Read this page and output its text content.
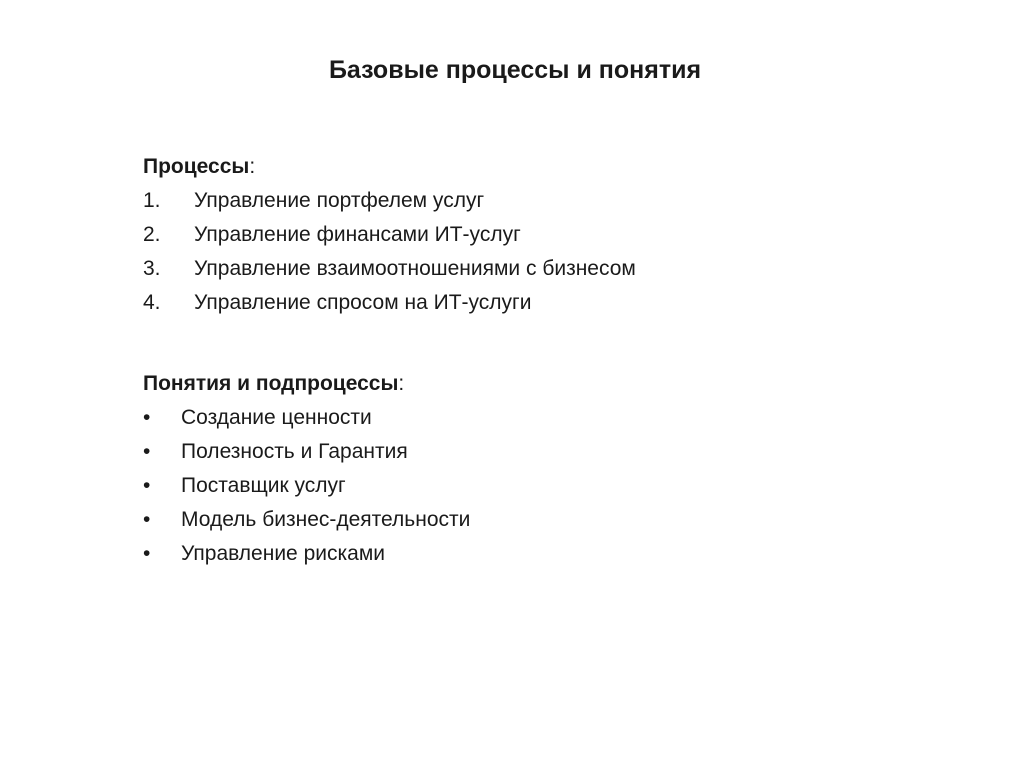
Базовые процессы и понятия
Процессы:
1. Управление портфелем услуг
2. Управление финансами ИТ-услуг
3. Управление взаимоотношениями с бизнесом
4. Управление спросом на ИТ-услуги
Понятия и подпроцессы:
•	Создание ценности
•	Полезность и Гарантия
•	Поставщик услуг
•	Модель бизнес-деятельности
•	Управление рисками
